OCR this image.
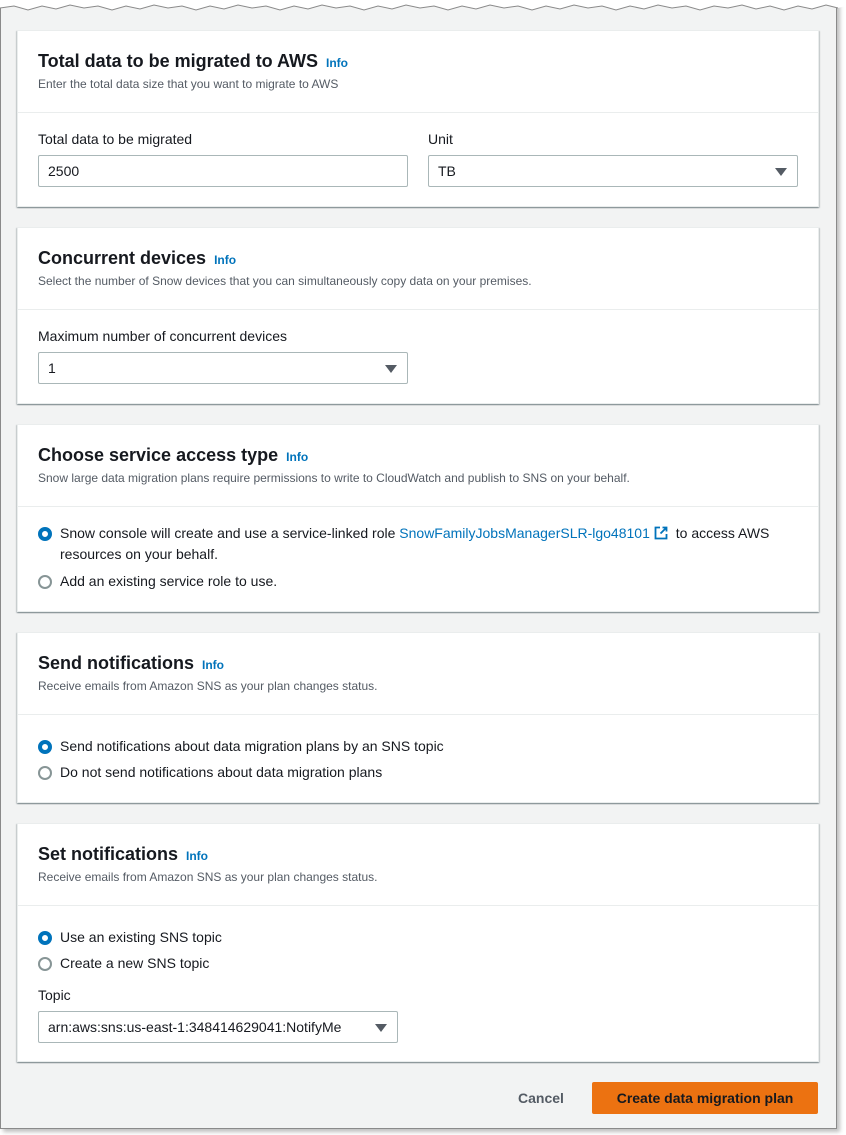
Total data to be migrated to AWS Info
Enter the total data size that you want to migrate to AWS
Total data to be migrated
2500
Unit
TB
Concurrent devices Info
Select the number of Snow devices that you can simultaneously copy data on your premises.
Maximum number of concurrent devices
1
Choose service access type Info
Snow large data migration plans require permissions to write to CloudWatch and publish to SNS on your behalf.
Snow console will create and use a service-linked role SnowFamilyJobsManagerSLR-lgo48101 to access AWS
resources on your behalf.
Add an existing service role to use.
Send notifications Info
Receive emails from Amazon SNS as your plan changes status.
Send notifications about data migration plans by an SNS topic
Do not send notifications about data migration plans
Set notifications Info
Receive emails from Amazon SNS as your plan changes status.
Use an existing SNS topic
Create a new SNS topic
Topic
arn:aws:sns:us-east-1:348414629041:NotifyMe
Cancel	Create data migration plan
